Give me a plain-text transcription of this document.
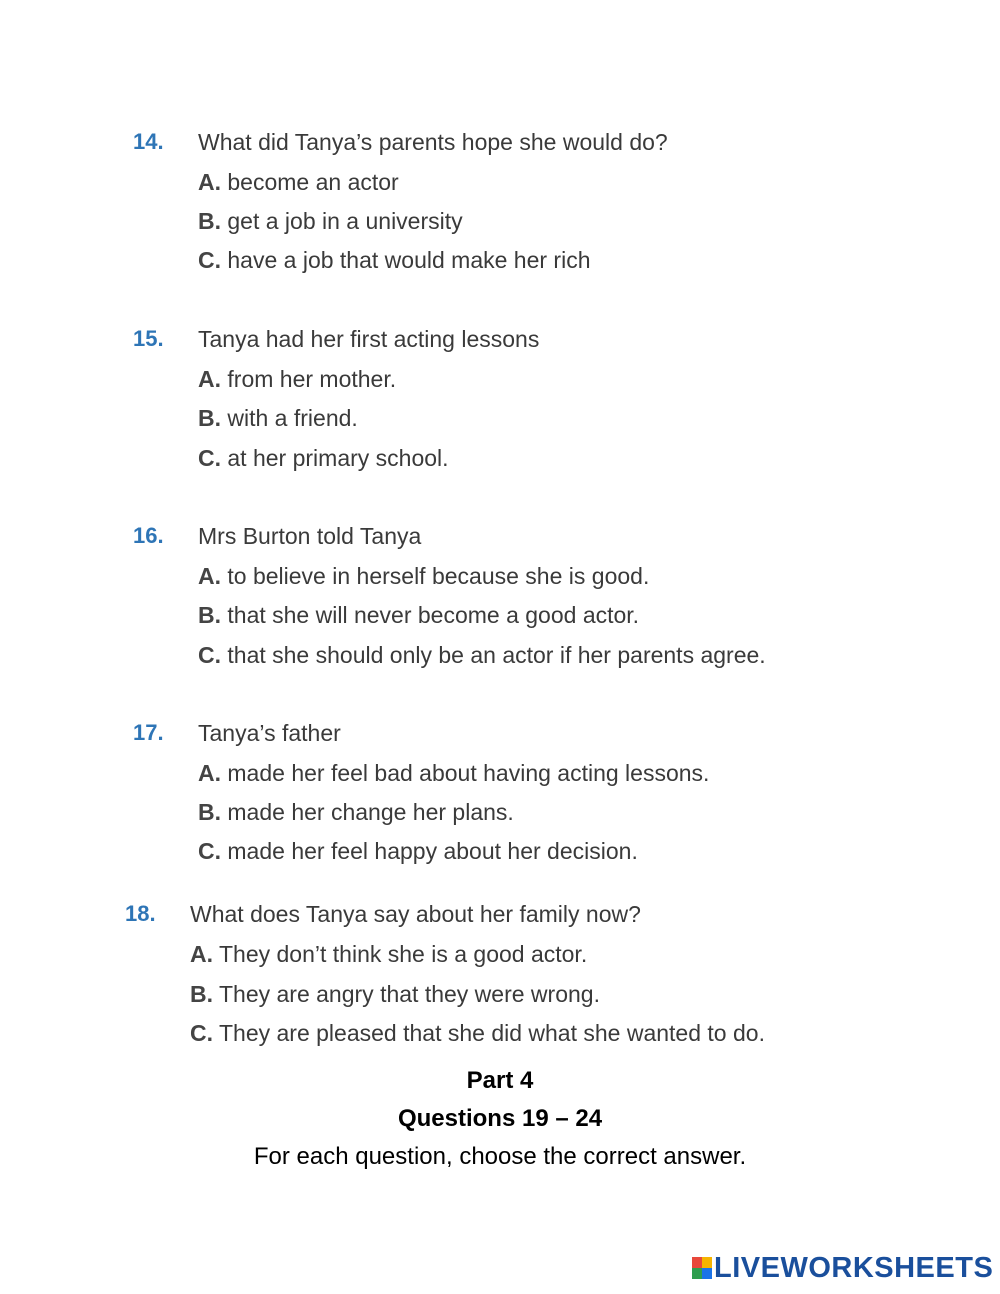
14. What did Tanya’s parents hope she would do?
A. become an actor
B. get a job in a university
C. have a job that would make her rich
15. Tanya had her first acting lessons
A. from her mother.
B. with a friend.
C. at her primary school.
16. Mrs Burton told Tanya
A. to believe in herself because she is good.
B. that she will never become a good actor.
C. that she should only be an actor if her parents agree.
17. Tanya’s father
A. made her feel bad about having acting lessons.
B. made her change her plans.
C. made her feel happy about her decision.
18. What does Tanya say about her family now?
A. They don’t think she is a good actor.
B. They are angry that they were wrong.
C. They are pleased that she did what she wanted to do.
Part 4
Questions 19 – 24
For each question, choose the correct answer.
LIVEWORKSHEETS
